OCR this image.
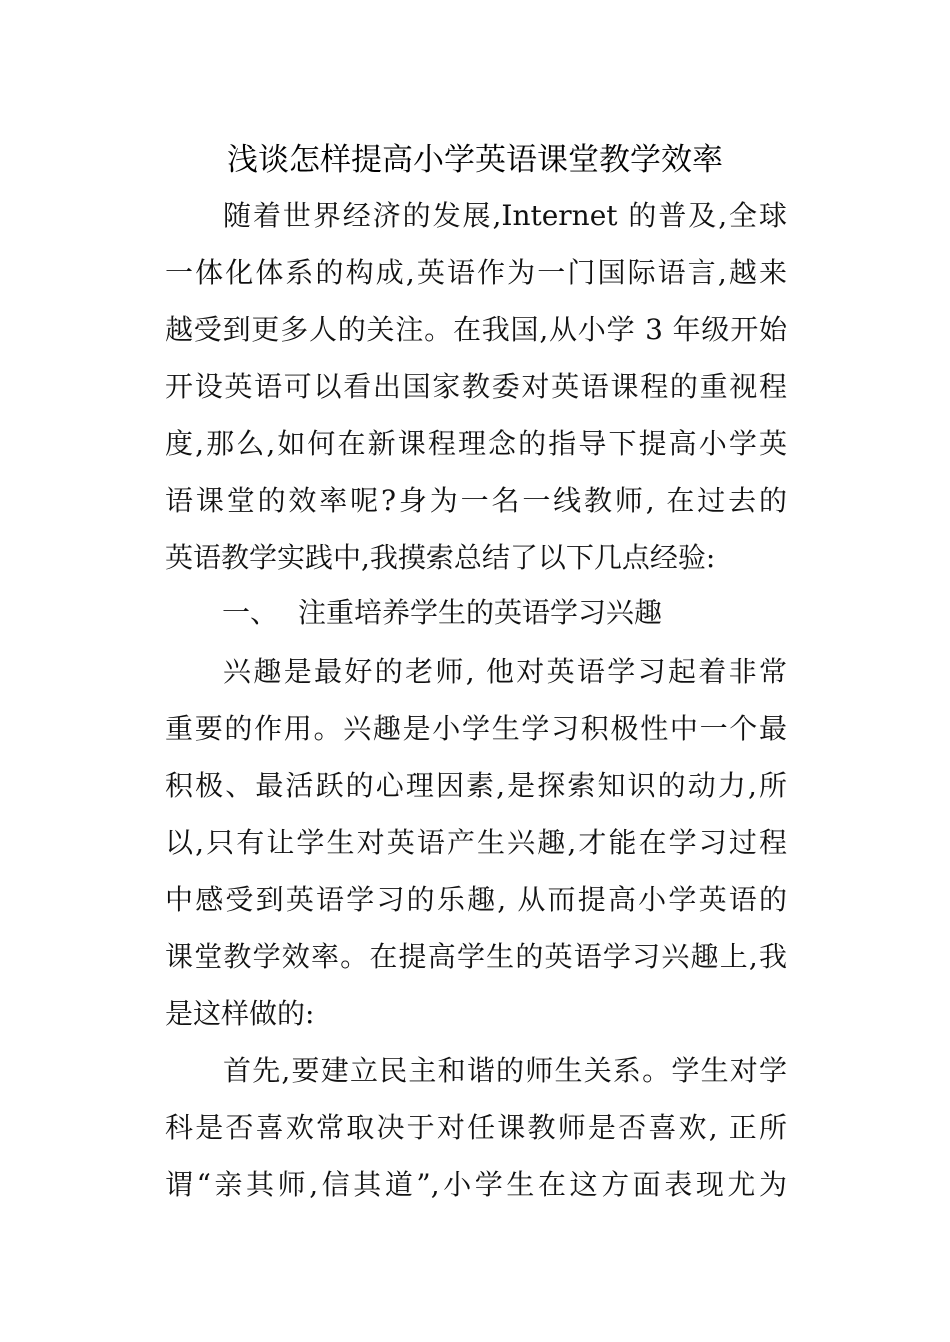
浅谈怎样提高小学英语课堂教学效率
随着世界经济的发展,Internet 的普及,全球
一体化体系的构成,英语作为一门国际语言,越来
越受到更多人的关注。在我国,从小学 3 年级开始
开设英语可以看出国家教委对英语课程的重视程
度,那么,如何在新课程理念的指导下提高小学英
语课堂的效率呢?身为一名一线教师, 在过去的
英语教学实践中,我摸索总结了以下几点经验:
一、 注重培养学生的英语学习兴趣
兴趣是最好的老师, 他对英语学习起着非常
重要的作用。兴趣是小学生学习积极性中一个最
积极、最活跃的心理因素,是探索知识的动力,所
以,只有让学生对英语产生兴趣,才能在学习过程
中感受到英语学习的乐趣, 从而提高小学英语的
课堂教学效率。在提高学生的英语学习兴趣上,我
是这样做的:
首先,要建立民主和谐的师生关系。学生对学
科是否喜欢常取决于对任课教师是否喜欢, 正所
谓“亲其师,信其道”,小学生在这方面表现尤为
